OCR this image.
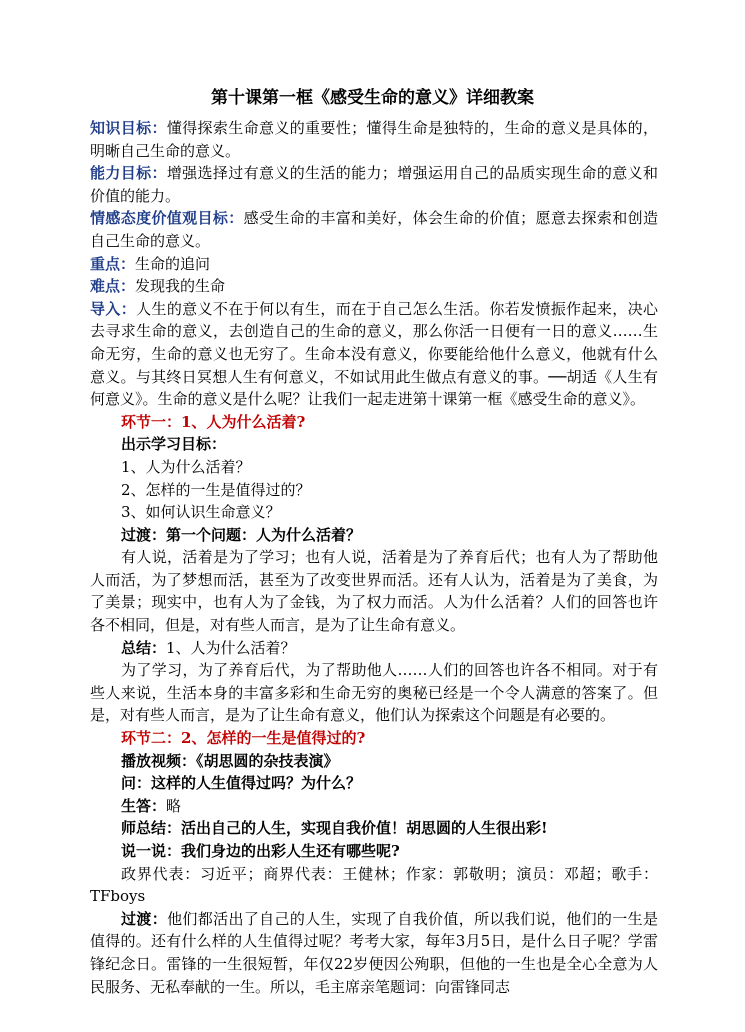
第十课第一框《感受生命的意义》详细教案

知识目标：懂得探索生命意义的重要性；懂得生命是独特的，生命的意义是具体的，明晰自己生命的意义。

能力目标：增强选择过有意义的生活的能力；增强运用自己的品质实现生命的意义和价值的能力。

情感态度价值观目标：感受生命的丰富和美好，体会生命的价值；愿意去探索和创造自己生命的意义。

重点：生命的追问

难点：发现我的生命

导入：人生的意义不在于何以有生，而在于自己怎么生活。你若发愤振作起来，决心去寻求生命的意义，去创造自己的生命的意义，那么你活一日便有一日的意义……生命无穷，生命的意义也无穷了。生命本没有意义，你要能给他什么意义，他就有什么意义。与其终日冥想人生有何意义，不如试用此生做点有意义的事。──胡适《人生有何意义》。生命的意义是什么呢？让我们一起走进第十课第一框《感受生命的意义》。

环节一：1、人为什么活着?

出示学习目标：

1、人为什么活着？

2、怎样的一生是值得过的？

3、如何认识生命意义？

过渡：第一个问题：人为什么活着？

有人说，活着是为了学习；也有人说，活着是为了养育后代；也有人为了帮助他人而活，为了梦想而活，甚至为了改变世界而活。还有人认为，活着是为了美食，为了美景；现实中，也有人为了金钱，为了权力而活。人为什么活着？人们的回答也许各不相同，但是，对有些人而言，是为了让生命有意义。

总结：1、人为什么活着？

为了学习，为了养育后代，为了帮助他人……人们的回答也许各不相同。对于有些人来说，生活本身的丰富多彩和生命无穷的奥秘已经是一个令人满意的答案了。但是，对有些人而言，是为了让生命有意义，他们认为探索这个问题是有必要的。

环节二：2、怎样的一生是值得过的?

播放视频：《胡思圆的杂技表演》

问：这样的人生值得过吗？为什么？

生答：略

师总结：活出自己的人生，实现自我价值！胡思圆的人生很出彩!

说一说：我们身边的出彩人生还有哪些呢?

政界代表：习近平；商界代表：王健林；作家：郭敬明；演员：邓超；歌手：TFboys

过渡：他们都活出了自己的人生，实现了自我价值，所以我们说，他们的一生是值得的。还有什么样的人生值得过呢？考考大家，每年3月5日，是什么日子呢？学雷锋纪念日。雷锋的一生很短暂，年仅22岁便因公殉职，但他的一生也是全心全意为人民服务、无私奉献的一生。所以，毛主席亲笔题词：向雷锋同志
